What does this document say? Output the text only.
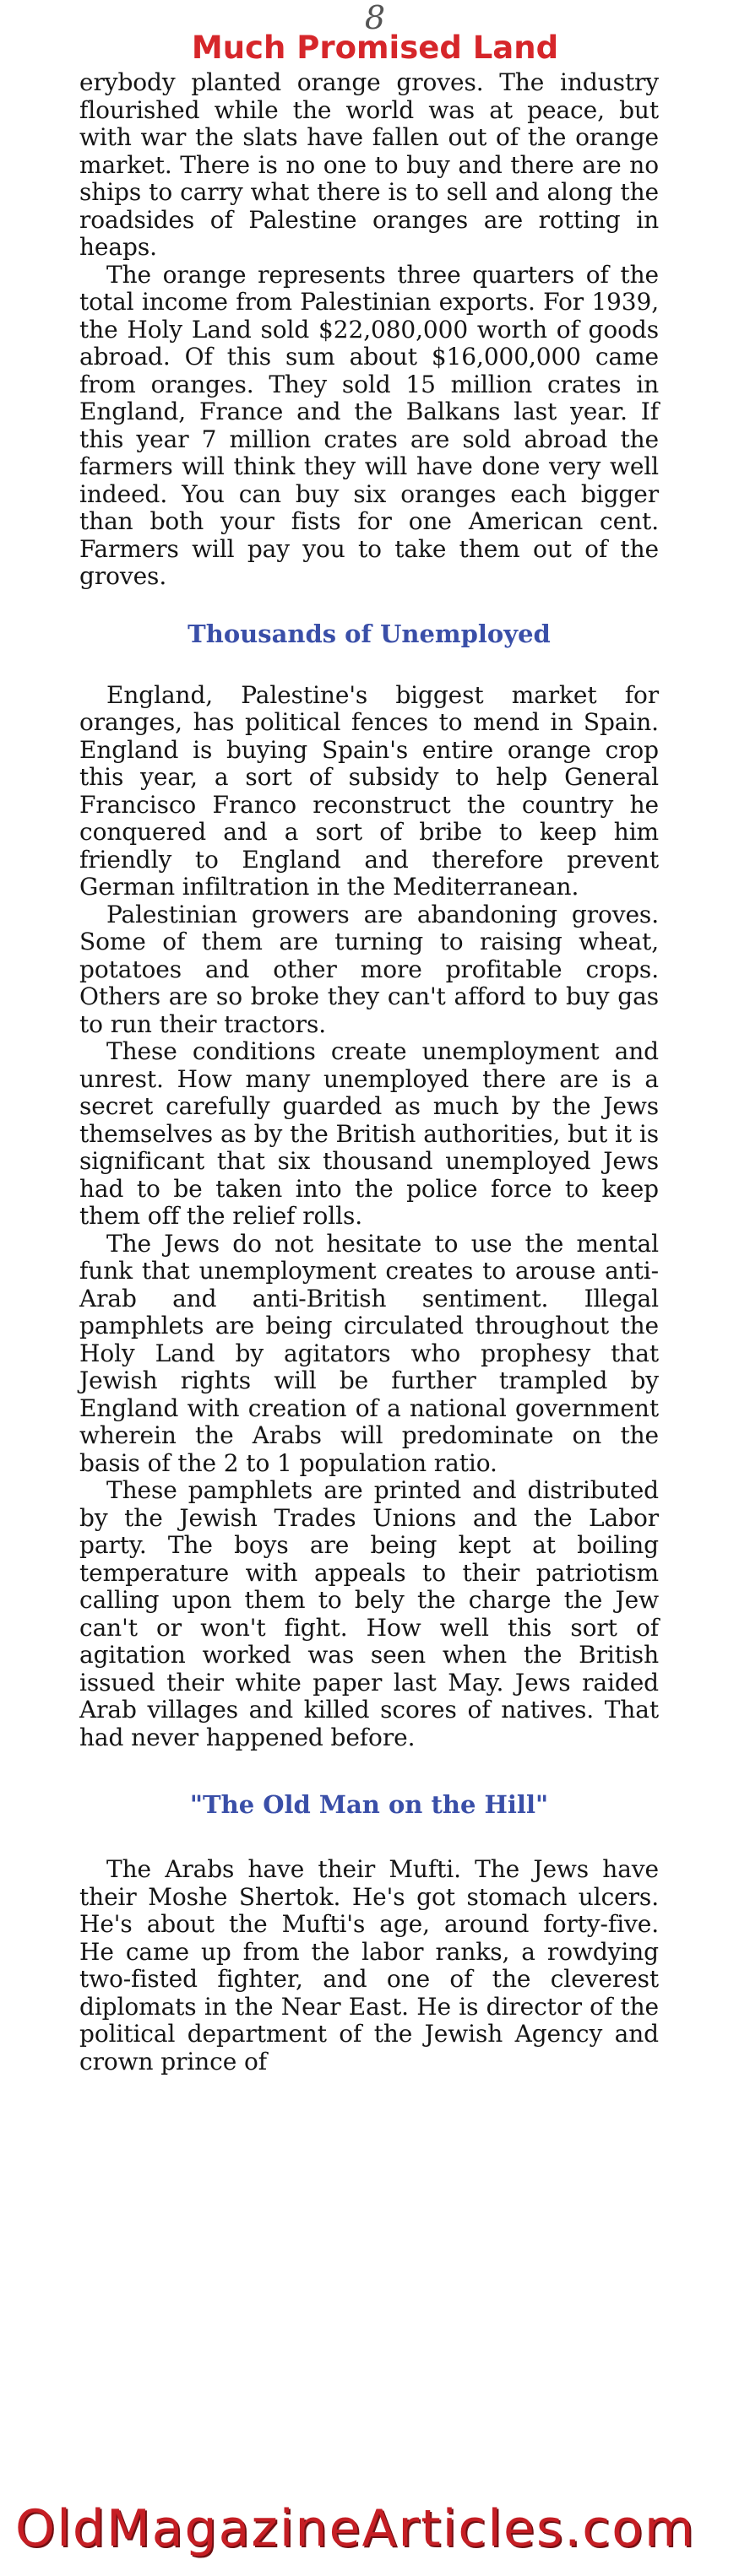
8
Much Promised Land

erybody planted orange groves. The industry flourished while the world was at peace, but with war the slats have fallen out of the orange market. There is no one to buy and there are no ships to carry what there is to sell and along the roadsides of Palestine oranges are rotting in heaps.

The orange represents three quarters of the total income from Palestinian exports. For 1939, the Holy Land sold $22,080,000 worth of goods abroad. Of this sum about $16,000,000 came from oranges. They sold 15 million crates in England, France and the Balkans last year. If this year 7 million crates are sold abroad the farmers will think they will have done very well indeed. You can buy six oranges each bigger than both your fists for one American cent. Farmers will pay you to take them out of the groves.

Thousands of Unemployed

England, Palestine's biggest market for oranges, has political fences to mend in Spain. England is buying Spain's entire orange crop this year, a sort of subsidy to help General Francisco Franco reconstruct the country he conquered and a sort of bribe to keep him friendly to England and therefore prevent German infiltration in the Mediterranean.

Palestinian growers are abandoning groves. Some of them are turning to raising wheat, potatoes and other more profitable crops. Others are so broke they can't afford to buy gas to run their tractors.

These conditions create unemployment and unrest. How many unemployed there are is a secret carefully guarded as much by the Jews themselves as by the British authorities, but it is significant that six thousand unemployed Jews had to be taken into the police force to keep them off the relief rolls.

The Jews do not hesitate to use the mental funk that unemployment creates to arouse anti-Arab and anti-British sentiment. Illegal pamphlets are being circulated throughout the Holy Land by agitators who prophesy that Jewish rights will be further trampled by England with creation of a national government wherein the Arabs will predominate on the basis of the 2 to 1 population ratio.

These pamphlets are printed and distributed by the Jewish Trades Unions and the Labor party. The boys are being kept at boiling temperature with appeals to their patriotism calling upon them to bely the charge the Jew can't or won't fight. How well this sort of agitation worked was seen when the British issued their white paper last May. Jews raided Arab villages and killed scores of natives. That had never happened before.

"The Old Man on the Hill"

The Arabs have their Mufti. The Jews have their Moshe Shertok. He's got stomach ulcers. He's about the Mufti's age, around forty-five. He came up from the labor ranks, a rowdying two-fisted fighter, and one of the cleverest diplomats in the Near East. He is director of the political department of the Jewish Agency and crown prince of

OldMagazineArticles.com
